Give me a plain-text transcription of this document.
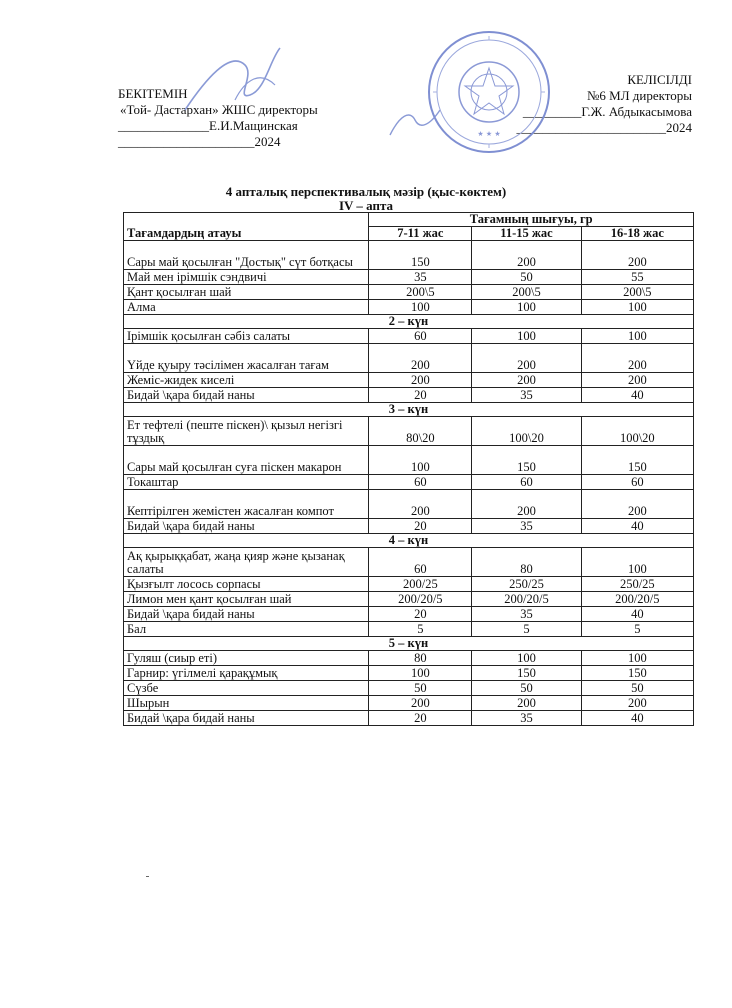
БЕКІТЕМІН
«Той- Дастархан» ЖШС директоры
______________Е.И.Мащинская
_____________________2024
КЕЛІСІЛДІ
№6 МЛ директоры
_________Г.Ж. Абдыкасымова
_______________________2024
★ ★ ★
4 апталық перспективалық мәзір (қыс-көктем)
IV – апта
Тағамдардың атауы	Тағамның шығуы, гр		
	7-11 жас	11-15 жас	16-18 жас
Сары май қосылған "Достық" сүт ботқасы	150	200	200
Май мен ірімшік сэндвичі	35	50	55
Қант қосылған шай	200\5	200\5	200\5
Алма	100	100	100
2 – күн			
Ірімшік қосылған сәбіз салаты	60	100	100
Үйде қуыру тәсілімен жасалған тағам	200	200	200
Жеміс-жидек киселі	200	200	200
Бидай \қара бидай наны	20	35	40
3 – күн			
Ет тефтелі (пеште піскен)\ қызыл негізгі тұздық	80\20	100\20	100\20
Сары май қосылған суға піскен макарон	100	150	150
Токаштар	60	60	60
Кептірілген жемістен жасалған компот	200	200	200
Бидай \қара бидай наны	20	35	40
4 – күн			
Ақ қырыққабат, жаңа қияр және қызанақ салаты	60	80	100
Қызғылт лосось сорпасы	200/25	250/25	250/25
Лимон мен қант қосылған шай	200/20/5	200/20/5	200/20/5
Бидай \қара бидай наны	20	35	40
Бал	5	5	5
5 – күн			
Гуляш (сиыр еті)	80	100	100
Гарнир: үгілмелі қарақұмық	100	150	150
Сүзбе	50	50	50
Шырын	200	200	200
Бидай \қара бидай наны	20	35	40
